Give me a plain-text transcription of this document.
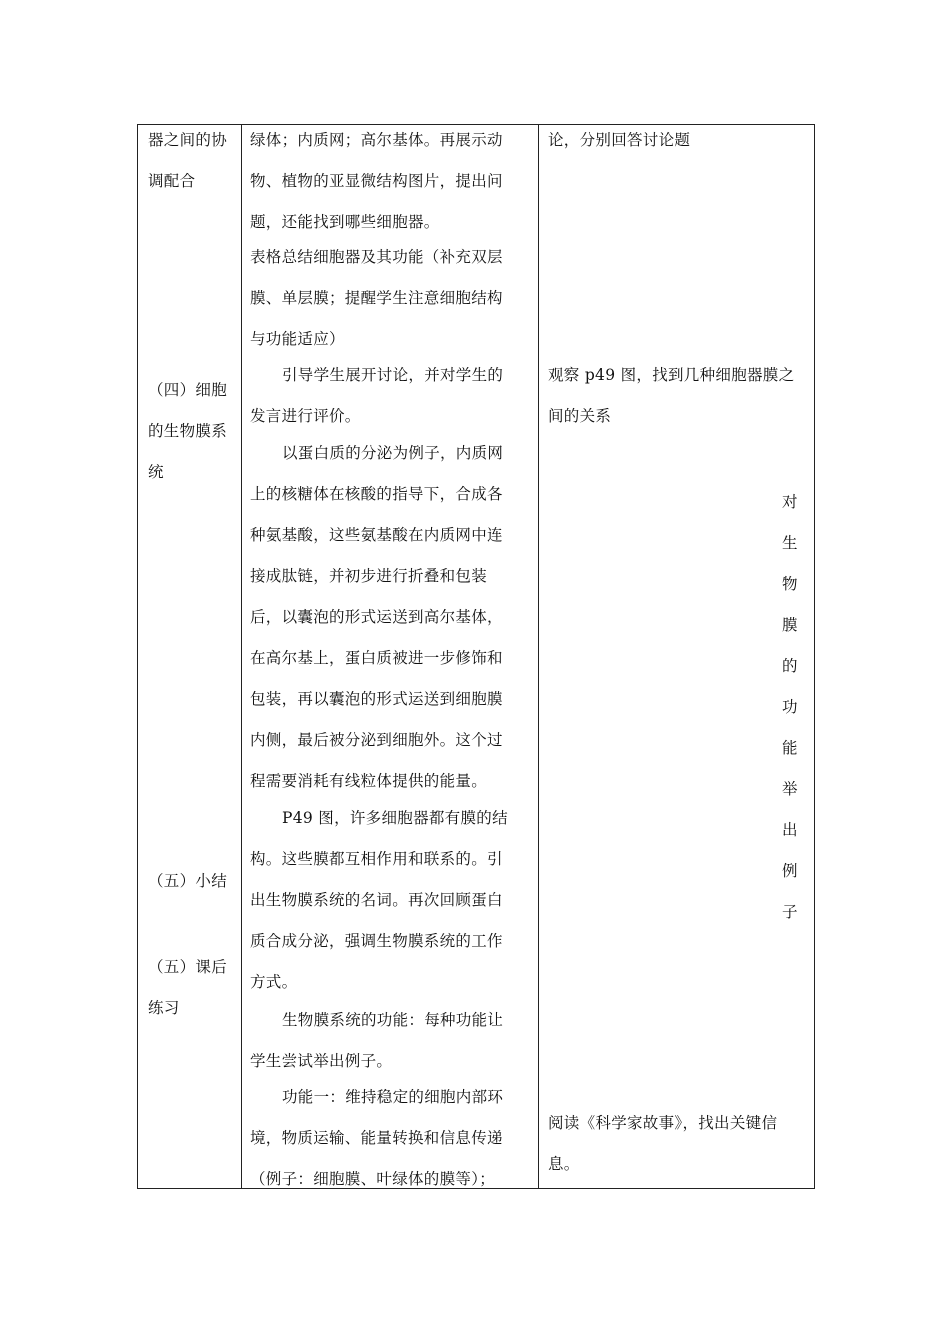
器之间的协
调配合
（四）细胞
的生物膜系
统
（五）小结
（五）课后
练习
绿体；内质网；高尔基体。再展示动
物、植物的亚显微结构图片，提出问
题，还能找到哪些细胞器。
表格总结细胞器及其功能（补充双层
膜、单层膜；提醒学生注意细胞结构
与功能适应）
引导学生展开讨论，并对学生的
发言进行评价。
以蛋白质的分泌为例子，内质网
上的核糖体在核酸的指导下，合成各
种氨基酸，这些氨基酸在内质网中连
接成肽链，并初步进行折叠和包装
后，以囊泡的形式运送到高尔基体，
在高尔基上，蛋白质被进一步修饰和
包装，再以囊泡的形式运送到细胞膜
内侧，最后被分泌到细胞外。这个过
程需要消耗有线粒体提供的能量。
P49 图，许多细胞器都有膜的结
构。这些膜都互相作用和联系的。引
出生物膜系统的名词。再次回顾蛋白
质合成分泌，强调生物膜系统的工作
方式。
生物膜系统的功能：每种功能让
学生尝试举出例子。
功能一：维持稳定的细胞内部环
境，物质运输、能量转换和信息传递
（例子：细胞膜、叶绿体的膜等）；
论，分别回答讨论题
观察 p49 图，找到几种细胞器膜之
间的关系
对
生
物
膜
的
功
能
举
出
例
子
阅读《科学家故事》，找出关键信
息。
